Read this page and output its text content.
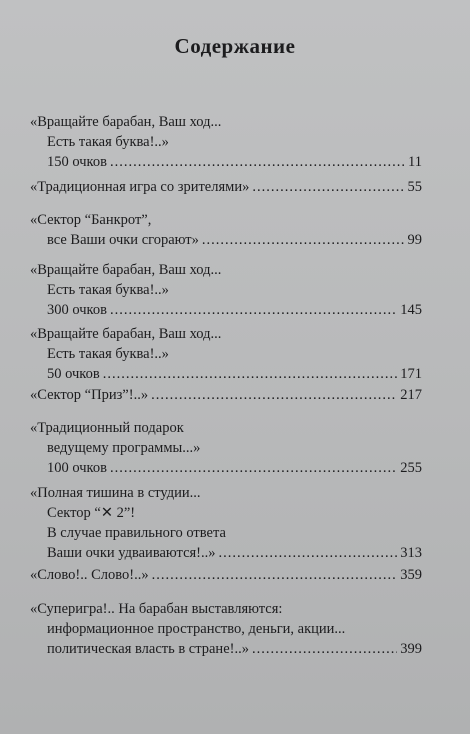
Содержание
«Вращайте барабан, Ваш ход...
Есть такая буква!..»
150 очков .....	11
«Традиционная игра со зрителями» .....	55
«Сектор “Банкрот”,
все Ваши очки сгорают» .....	99
«Вращайте барабан, Ваш ход...
Есть такая буква!..»
300 очков .....	145
«Вращайте барабан, Ваш ход...
Есть такая буква!..»
50 очков .....	171
«Сектор “Приз”!..» .....	217
«Традиционный подарок
ведущему программы...»
100 очков .....	255
«Полная тишина в студии...
Сектор “✕ 2”!
В случае правильного ответа
Ваши очки удваиваются!..» .....	313
«Слово!.. Слово!..» .....	359
«Суперигра!.. На барабан выставляются:
информационное пространство, деньги, акции...
политическая власть в стране!..» .....	399
